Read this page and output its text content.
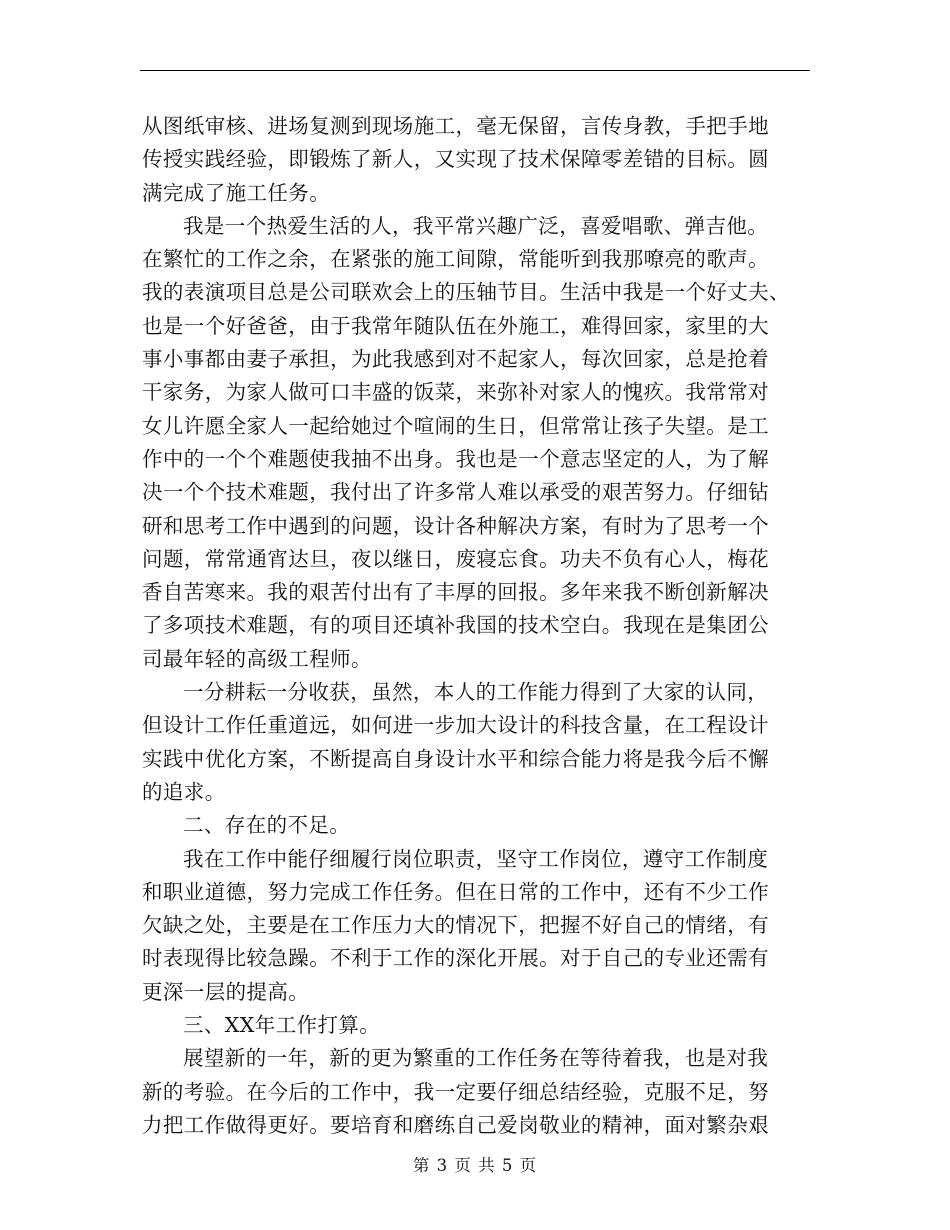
从图纸审核、进场复测到现场施工，毫无保留，言传身教，手把手地
传授实践经验，即锻炼了新人，又实现了技术保障零差错的目标。圆
满完成了施工任务。
我是一个热爱生活的人，我平常兴趣广泛，喜爱唱歌、弹吉他。
在繁忙的工作之余，在紧张的施工间隙，常能听到我那嘹亮的歌声。
我的表演项目总是公司联欢会上的压轴节目。生活中我是一个好丈夫、
也是一个好爸爸，由于我常年随队伍在外施工，难得回家，家里的大
事小事都由妻子承担，为此我感到对不起家人，每次回家，总是抢着
干家务，为家人做可口丰盛的饭菜，来弥补对家人的愧疚。我常常对
女儿许愿全家人一起给她过个喧闹的生日，但常常让孩子失望。是工
作中的一个个难题使我抽不出身。我也是一个意志坚定的人，为了解
决一个个技术难题，我付出了许多常人难以承受的艰苦努力。仔细钻
研和思考工作中遇到的问题，设计各种解决方案，有时为了思考一个
问题，常常通宵达旦，夜以继日，废寝忘食。功夫不负有心人，梅花
香自苦寒来。我的艰苦付出有了丰厚的回报。多年来我不断创新解决
了多项技术难题，有的项目还填补我国的技术空白。我现在是集团公
司最年轻的高级工程师。
一分耕耘一分收获，虽然，本人的工作能力得到了大家的认同，
但设计工作任重道远，如何进一步加大设计的科技含量，在工程设计
实践中优化方案，不断提高自身设计水平和综合能力将是我今后不懈
的追求。
二、存在的不足。
我在工作中能仔细履行岗位职责，坚守工作岗位，遵守工作制度
和职业道德，努力完成工作任务。但在日常的工作中，还有不少工作
欠缺之处，主要是在工作压力大的情况下，把握不好自己的情绪，有
时表现得比较急躁。不利于工作的深化开展。对于自己的专业还需有
更深一层的提高。
三、XX年工作打算。
展望新的一年，新的更为繁重的工作任务在等待着我，也是对我
新的考验。在今后的工作中，我一定要仔细总结经验，克服不足，努
力把工作做得更好。要培育和磨练自己爱岗敬业的精神，面对繁杂艰
第 3 页 共 5 页
